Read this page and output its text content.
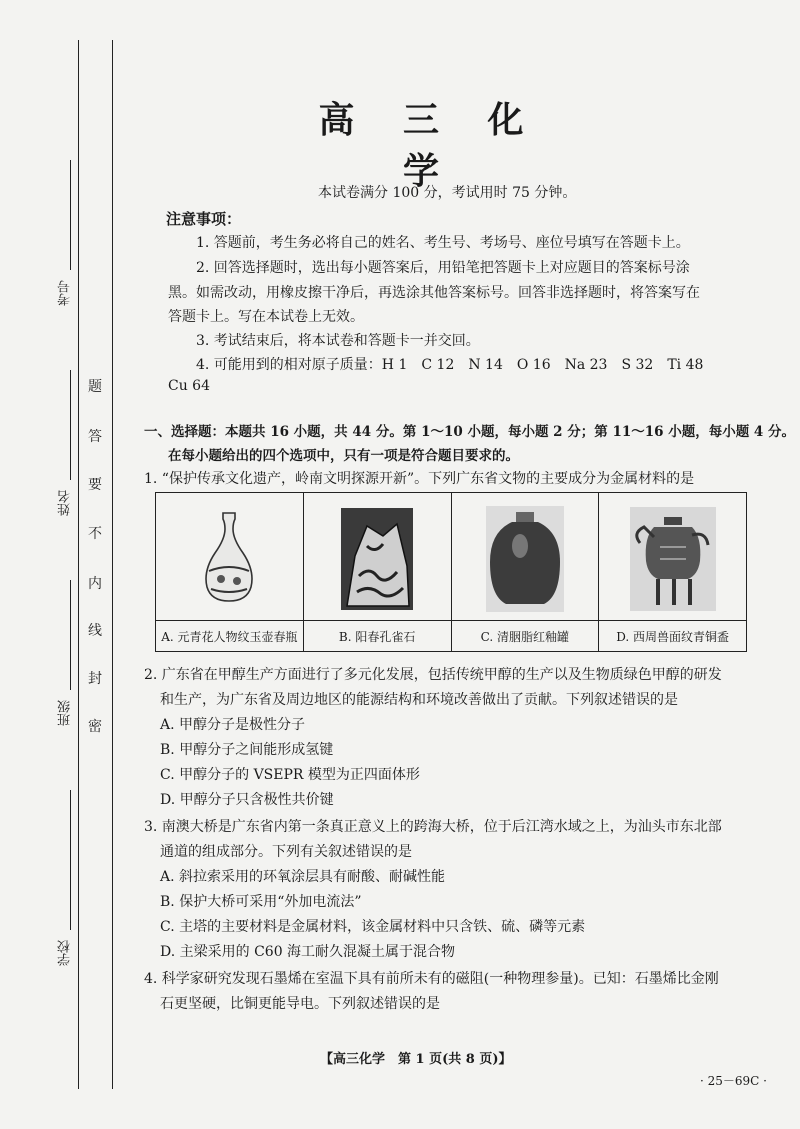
考号
姓名
班级
学校
题
答
要
不
内
线
封
密
高 三 化 学
本试卷满分 100 分，考试用时 75 分钟。
注意事项：
1. 答题前，考生务必将自己的姓名、考生号、考场号、座位号填写在答题卡上。
2. 回答选择题时，选出每小题答案后，用铅笔把答题卡上对应题目的答案标号涂
黑。如需改动，用橡皮擦干净后，再选涂其他答案标号。回答非选择题时，将答案写在
答题卡上。写在本试卷上无效。
3. 考试结束后，将本试卷和答题卡一并交回。
4. 可能用到的相对原子质量：H 1　C 12　N 14　O 16　Na 23　S 32　Ti 48
Cu 64
一、选择题：本题共 16 小题，共 44 分。第 1～10 小题，每小题 2 分；第 11～16 小题，每小题 4 分。
在每小题给出的四个选项中，只有一项是符合题目要求的。
1. “保护传承文化遗产，岭南文明探源开新”。下列广东省文物的主要成分为金属材料的是
A. 元青花人物纹玉壶春瓶	B. 阳春孔雀石	C. 清胭脂红釉罐	D. 西周兽面纹青铜盉
2. 广东省在甲醇生产方面进行了多元化发展，包括传统甲醇的生产以及生物质绿色甲醇的研发
和生产，为广东省及周边地区的能源结构和环境改善做出了贡献。下列叙述错误的是
A. 甲醇分子是极性分子
B. 甲醇分子之间能形成氢键
C. 甲醇分子的 VSEPR 模型为正四面体形
D. 甲醇分子只含极性共价键
3. 南澳大桥是广东省内第一条真正意义上的跨海大桥，位于后江湾水域之上，为汕头市东北部
通道的组成部分。下列有关叙述错误的是
A. 斜拉索采用的环氧涂层具有耐酸、耐碱性能
B. 保护大桥可采用“外加电流法”
C. 主塔的主要材料是金属材料，该金属材料中只含铁、硫、磷等元素
D. 主梁采用的 C60 海工耐久混凝土属于混合物
4. 科学家研究发现石墨烯在室温下具有前所未有的磁阻(一种物理参量)。已知：石墨烯比金刚
石更坚硬，比铜更能导电。下列叙述错误的是
【高三化学　第 1 页(共 8 页)】
· 25－69C ·
